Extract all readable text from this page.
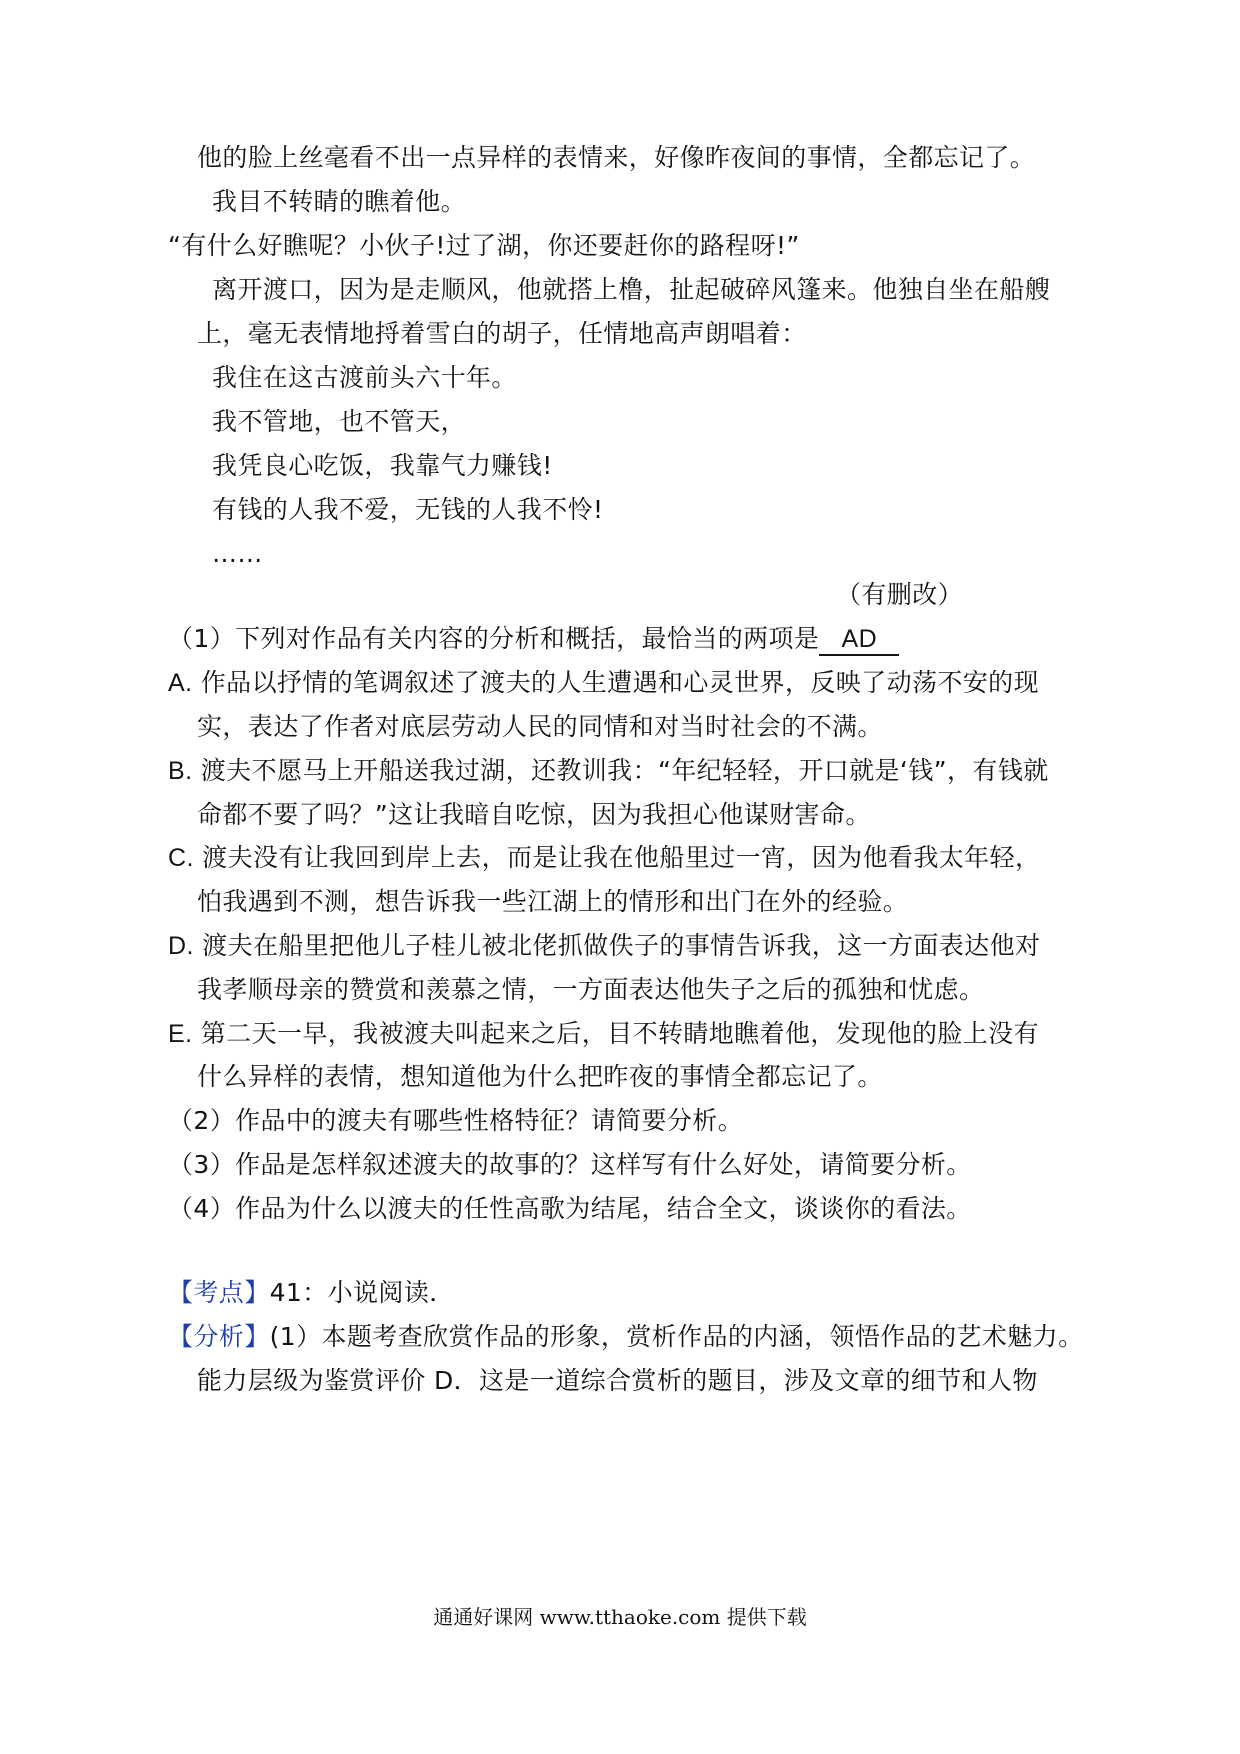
他的脸上丝毫看不出一点异样的表情来，好像昨夜间的事情，全都忘记了。
我目不转睛的瞧着他。
“有什么好瞧呢？小伙子!过了湖，你还要赶你的路程呀!”
离开渡口，因为是走顺风，他就搭上橹，扯起破碎风篷来。他独自坐在船艘
上，毫无表情地捋着雪白的胡子，任情地高声朗唱着：
我住在这古渡前头六十年。
我不管地，也不管天，
我凭良心吃饭，我靠气力赚钱!
有钱的人我不爱，无钱的人我不怜!
……
（有删改）
（1）下列对作品有关内容的分析和概括，最恰当的两项是 AD
A. 作品以抒情的笔调叙述了渡夫的人生遭遇和心灵世界，反映了动荡不安的现
实，表达了作者对底层劳动人民的同情和对当时社会的不满。
B. 渡夫不愿马上开船送我过湖，还教训我：“年纪轻轻，开口就是‘钱”，有钱就
命都不要了吗？”这让我暗自吃惊，因为我担心他谋财害命。
C. 渡夫没有让我回到岸上去，而是让我在他船里过一宵，因为他看我太年轻，
怕我遇到不测，想告诉我一些江湖上的情形和出门在外的经验。
D. 渡夫在船里把他儿子桂儿被北佬抓做佚子的事情告诉我，这一方面表达他对
我孝顺母亲的赞赏和羡慕之情，一方面表达他失子之后的孤独和忧虑。
E. 第二天一早，我被渡夫叫起来之后，目不转睛地瞧着他，发现他的脸上没有
什么异样的表情，想知道他为什么把昨夜的事情全都忘记了。
（2）作品中的渡夫有哪些性格特征？请简要分析。
（3）作品是怎样叙述渡夫的故事的？这样写有什么好处，请简要分析。
（4）作品为什么以渡夫的任性高歌为结尾，结合全文，谈谈你的看法。
【考点】41：小说阅读．
【分析】(1）本题考查欣赏作品的形象，赏析作品的内涵，领悟作品的艺术魅力。
能力层级为鉴赏评价 D．这是一道综合赏析的题目，涉及文章的细节和人物
通通好课网 www.tthaoke.com 提供下载
